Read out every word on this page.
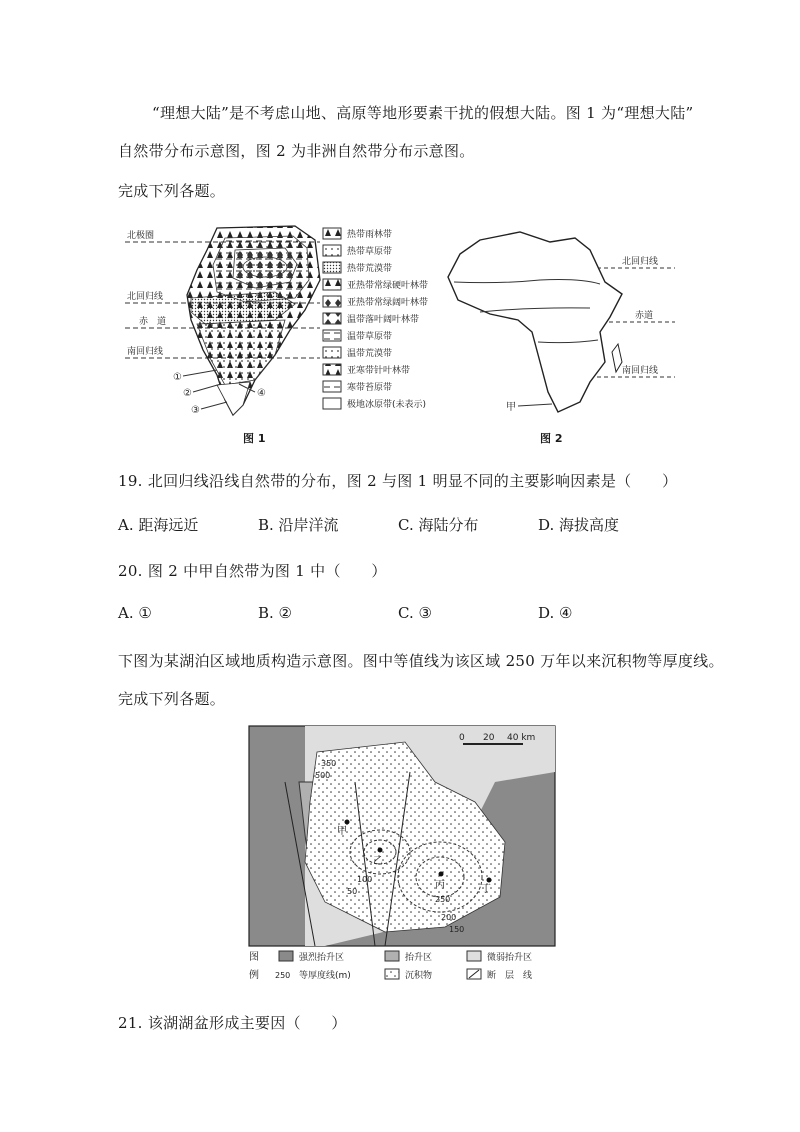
“理想大陆”是不考虑山地、高原等地形要素干扰的假想大陆。图 1 为“理想大陆”
自然带分布示意图，图 2 为非洲自然带分布示意图。
完成下列各题。
北极圈
北回归线
赤　道
南回归线
①
②
③
④
热带雨林带
热带草原带
热带荒漠带
亚热带常绿硬叶林带
亚热带常绿阔叶林带
温带落叶阔叶林带
温带草原带
温带荒漠带
亚寒带针叶林带
寒带苔原带
极地冰原带(未表示)
图 1
北回归线
赤道
南回归线
甲
图 2
19. 北回归线沿线自然带的分布，图 2 与图 1 明显不同的主要影响因素是（　　）
A. 距海远近	B. 沿岸洋流	C. 海陆分布	D. 海拔高度
20. 图 2 中甲自然带为图 1 中（　　）
A. ①	B. ②	C. ③	D. ④
下图为某湖泊区域地质构造示意图。图中等值线为该区域 250 万年以来沉积物等厚度线。
完成下列各题。
0 20 40 km
甲
乙
丙	丁
350
500
250
200
150
100
50
图
例
强烈抬升区	抬升区	微弱抬升区
250 等厚度线(m)	沉积物	断　层　线
21. 该湖湖盆形成主要因（　　）
